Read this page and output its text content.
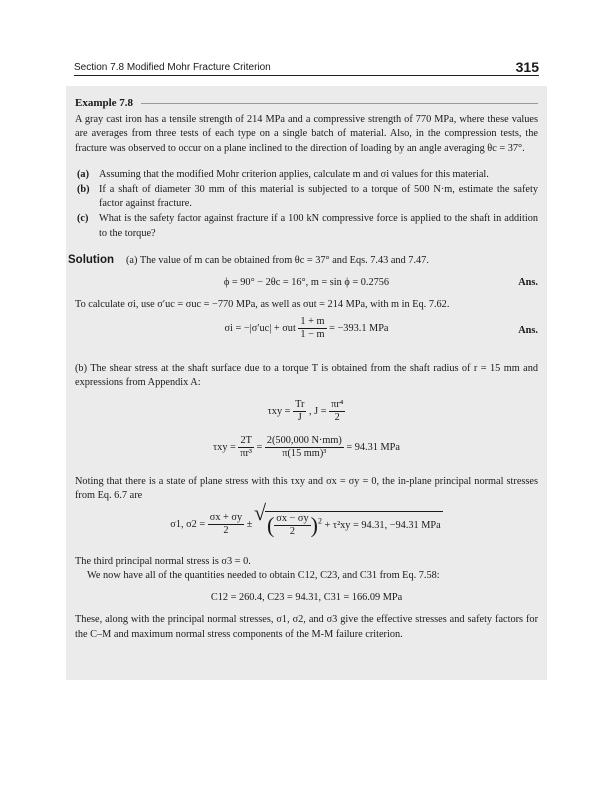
Section 7.8 Modified Mohr Fracture Criterion	315
Example 7.8

A gray cast iron has a tensile strength of 214 MPa and a compressive strength of 770 MPa, where these values are averages from three tests of each type on a single batch of material. Also, in the compression tests, the fracture was observed to occur on a plane inclined to the direction of loading by an angle averaging θc = 37°.

(a) Assuming that the modified Mohr criterion applies, calculate m and σi values for this material.
(b) If a shaft of diameter 30 mm of this material is subjected to a torque of 500 N·m, estimate the safety factor against fracture.
(c)	What is the safety factor against fracture if a 100 kN compressive force is applied to the shaft in addition to the torque?
Solution	(a) The value of m can be obtained from θc = 37° and Eqs. 7.43 and 7.47.
ϕ = 90° − 2θc = 16°, m = sin ϕ = 0.2756	Ans.

To calculate σi, use σ′uc = σuc = −770 MPa, as well as σut = 214 MPa, with m in Eq. 7.62.

σi = −|σ′uc| + σut $\frac{1 + m}{1 - m} = -393.1$ MPa	Ans.

(b) The shear stress at the shaft surface due to a torque T is obtained from the shaft radius of r = 15 mm and expressions from Appendix A:

$\tau xy = \frac{Tr}{J}$ , $J = \frac{\text{πr⁴}}{2}$
$\tau xy = \frac{2T}{\text{πr³}} = \frac{2(500,000 N\cdot mm)}{\text{π(15 mm)³}} = 94.31$ MPa

Noting that there is a state of plane stress with this τxy and σx = σy = 0, the in-plane principal normal stresses from Eq. 6.7 are

σ1, $\sigma 2 = \frac{\sigma x + \sigma y}{2}$ ± √ ( $\frac{\sigma x - \sigma y}{2} )^2 + \tau^2xy = 94.31$, −94.31 MPa

The third principal normal stress is σ3 = 0.

We now have all of the quantities needed to obtain C12, C23, and C31 from Eq. 7.58:

C12 = 260.4, C23 = 94.31, C31 = 166.09 MPa

These, along with the principal normal stresses, σ1, σ2, and σ3 give the effective stresses and safety factors for the C–M and maximum normal stress components of the M-M failure criterion.
